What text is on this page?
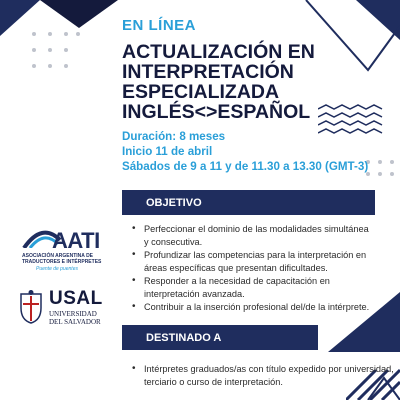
EN LÍNEA
ACTUALIZACIÓN EN
INTERPRETACIÓN
ESPECIALIZADA
INGLÉS<>ESPAÑOL
Duración: 8 meses
Inicio 11 de abril
Sábados de 9 a 11 y de 11.30 a 13.30 (GMT-3)
OBJETIVO
• Perfeccionar el dominio de las modalidades simultánea y consecutiva.
• Profundizar las competencias para la interpretación en áreas específicas que presentan dificultades.
• Responder a la necesidad de capacitación en interpretación avanzada.
• Contribuir a la inserción profesional del/de la intérprete.
DESTINADO A
• Intérpretes graduados/as con título expedido por universidad, terciario o curso de interpretación.
AATI
ASOCIACIÓN ARGENTINA DE
TRADUCTORES E INTÉRPRETES
Puente de puentes
USAL
UNIVERSIDAD
DEL SALVADOR
